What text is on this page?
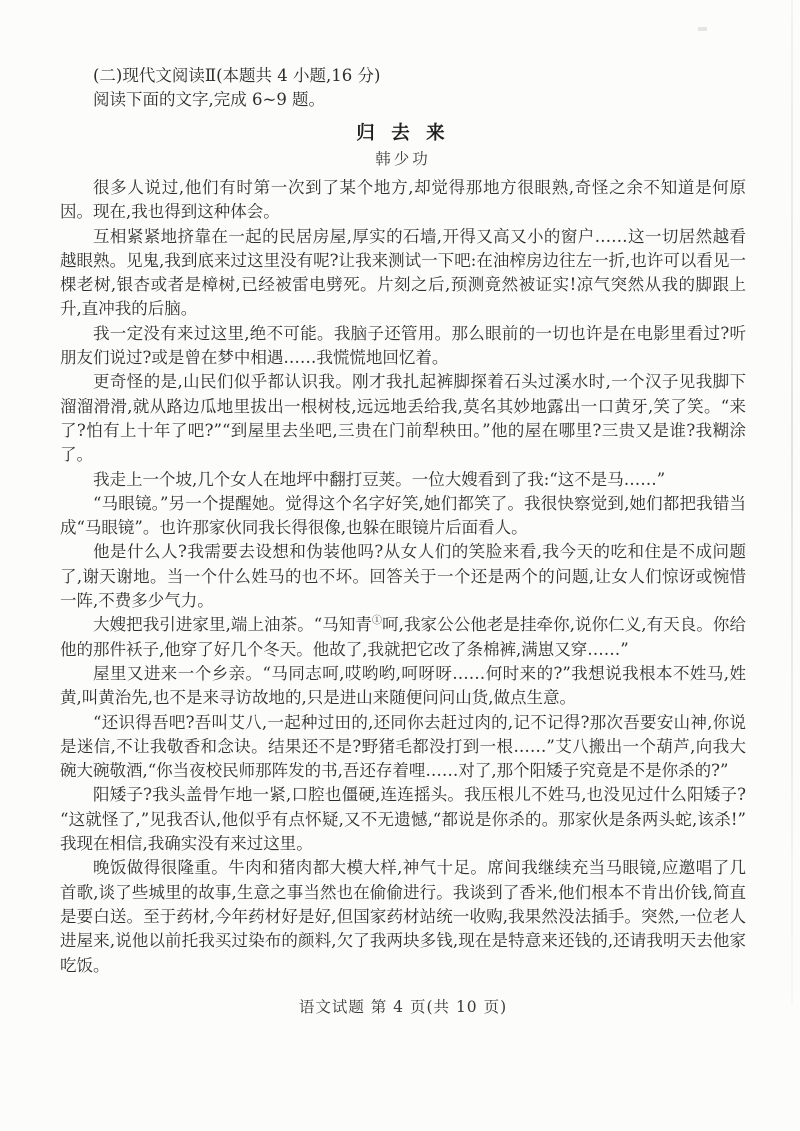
(二)现代文阅读Ⅱ(本题共 4 小题,16 分)
阅读下面的文字,完成 6~9 题。
归 去 来
韩少功

很多人说过,他们有时第一次到了某个地方,却觉得那地方很眼熟,奇怪之余不知道是何原因。现在,我也得到这种体会。

互相紧紧地挤靠在一起的民居房屋,厚实的石墙,开得又高又小的窗户……这一切居然越看越眼熟。见鬼,我到底来过这里没有呢?让我来测试一下吧:在油榨房边往左一折,也许可以看见一棵老树,银杏或者是樟树,已经被雷电劈死。片刻之后,预测竟然被证实!凉气突然从我的脚跟上升,直冲我的后脑。

我一定没有来过这里,绝不可能。我脑子还管用。那么眼前的一切也许是在电影里看过?听朋友们说过?或是曾在梦中相遇……我慌慌地回忆着。

更奇怪的是,山民们似乎都认识我。刚才我扎起裤脚探着石头过溪水时,一个汉子见我脚下溜溜滑滑,就从路边瓜地里拔出一根树枝,远远地丢给我,莫名其妙地露出一口黄牙,笑了笑。“来了?怕有上十年了吧?”“到屋里去坐吧,三贵在门前犁秧田。”他的屋在哪里?三贵又是谁?我糊涂了。

我走上一个坡,几个女人在地坪中翻打豆荚。一位大嫂看到了我:“这不是马……”

“马眼镜。”另一个提醒她。觉得这个名字好笑,她们都笑了。我很快察觉到,她们都把我错当成“马眼镜”。也许那家伙同我长得很像,也躲在眼镜片后面看人。

他是什么人?我需要去设想和伪装他吗?从女人们的笑脸来看,我今天的吃和住是不成问题了,谢天谢地。当一个什么姓马的也不坏。回答关于一个还是两个的问题,让女人们惊讶或惋惜一阵,不费多少气力。

大嫂把我引进家里,端上油茶。“马知青①呵,我家公公他老是挂牵你,说你仁义,有天良。你给他的那件袄子,他穿了好几个冬天。他故了,我就把它改了条棉裤,满崽又穿……”

屋里又进来一个乡亲。“马同志呵,哎哟哟,呵呀呀……何时来的?”我想说我根本不姓马,姓黄,叫黄治先,也不是来寻访故地的,只是进山来随便问问山货,做点生意。

“还识得吾吧?吾叫艾八,一起种过田的,还同你去赶过肉的,记不记得?那次吾要安山神,你说是迷信,不让我敬香和念诀。结果还不是?野猪毛都没打到一根……”艾八搬出一个葫芦,向我大碗大碗敬酒,“你当夜校民师那阵发的书,吾还存着哩……对了,那个阳矮子究竟是不是你杀的?”

阳矮子?我头盖骨乍地一紧,口腔也僵硬,连连摇头。我压根儿不姓马,也没见过什么阳矮子?“这就怪了,”见我否认,他似乎有点怀疑,又不无遗憾,“都说是你杀的。那家伙是条两头蛇,该杀!”我现在相信,我确实没有来过这里。

晚饭做得很隆重。牛肉和猪肉都大模大样,神气十足。席间我继续充当马眼镜,应邀唱了几首歌,谈了些城里的故事,生意之事当然也在偷偷进行。我谈到了香米,他们根本不肯出价钱,简直是要白送。至于药材,今年药材好是好,但国家药材站统一收购,我果然没法插手。突然,一位老人进屋来,说他以前托我买过染布的颜料,欠了我两块多钱,现在是特意来还钱的,还请我明天去他家吃饭。

语文试题 第 4 页(共 10 页)
